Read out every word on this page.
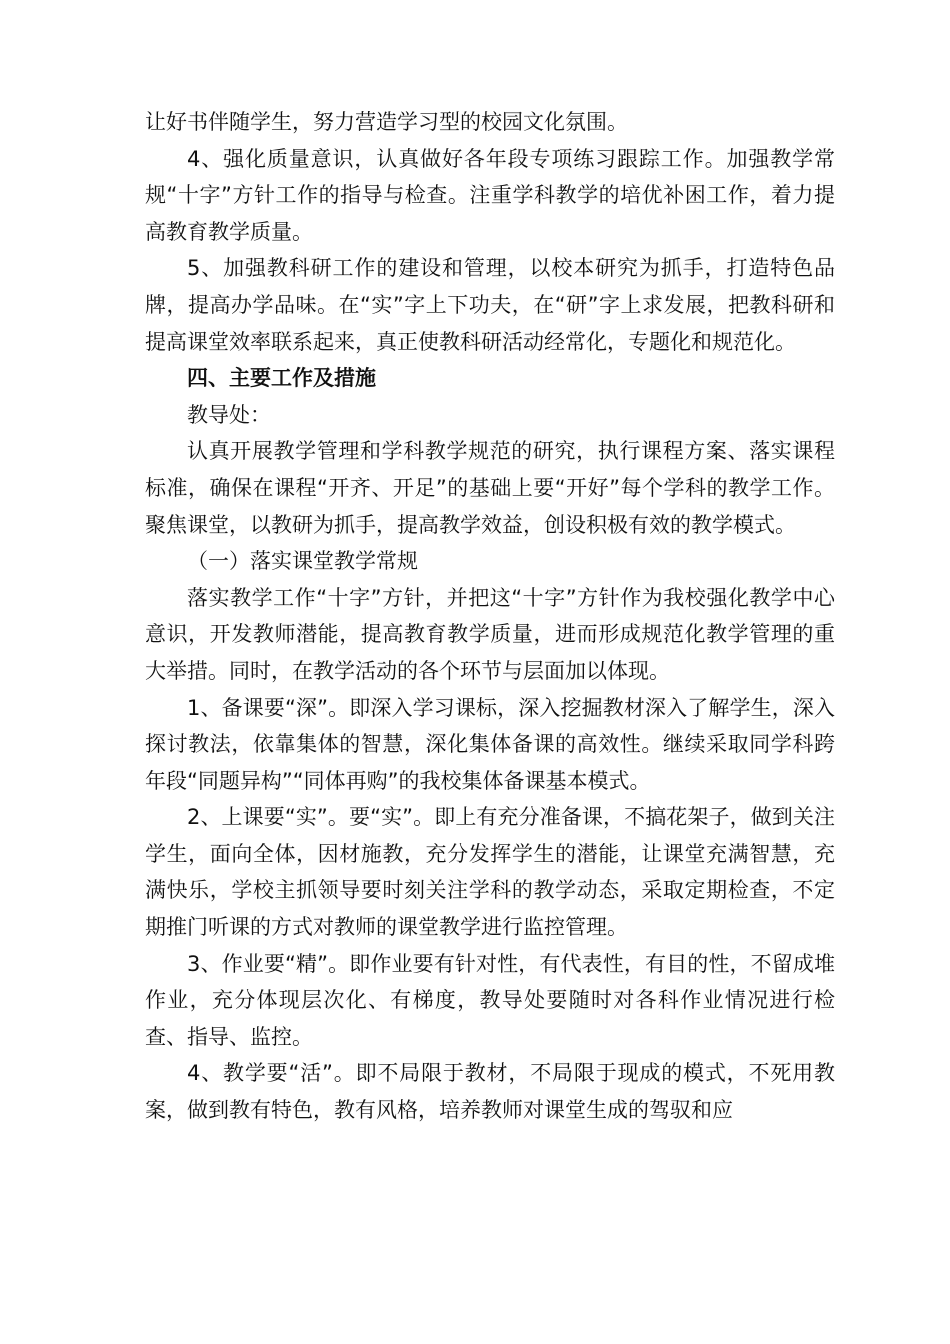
让好书伴随学生，努力营造学习型的校园文化氛围。

4、强化质量意识，认真做好各年段专项练习跟踪工作。加强教学常规“十字”方针工作的指导与检查。注重学科教学的培优补困工作，着力提高教育教学质量。

5、加强教科研工作的建设和管理，以校本研究为抓手，打造特色品牌，提高办学品味。在“实”字上下功夫，在“研”字上求发展，把教科研和提高课堂效率联系起来，真正使教科研活动经常化，专题化和规范化。

四、主要工作及措施

教导处：

认真开展教学管理和学科教学规范的研究，执行课程方案、落实课程标准，确保在课程“开齐、开足”的基础上要“开好”每个学科的教学工作。聚焦课堂，以教研为抓手，提高教学效益，创设积极有效的教学模式。

（一）落实课堂教学常规

落实教学工作“十字”方针，并把这“十字”方针作为我校强化教学中心意识，开发教师潜能，提高教育教学质量，进而形成规范化教学管理的重大举措。同时，在教学活动的各个环节与层面加以体现。

1、备课要“深”。即深入学习课标，深入挖掘教材深入了解学生，深入探讨教法，依靠集体的智慧，深化集体备课的高效性。继续采取同学科跨年段“同题异构”“同体再购”的我校集体备课基本模式。

2、上课要“实”。要“实”。即上有充分准备课，不搞花架子，做到关注学生，面向全体，因材施教，充分发挥学生的潜能，让课堂充满智慧，充满快乐，学校主抓领导要时刻关注学科的教学动态，采取定期检查，不定期推门听课的方式对教师的课堂教学进行监控管理。

3、作业要“精”。即作业要有针对性，有代表性，有目的性，不留成堆作业，充分体现层次化、有梯度，教导处要随时对各科作业情况进行检查、指导、监控。

4、教学要“活”。即不局限于教材，不局限于现成的模式，不死用教案，做到教有特色，教有风格，培养教师对课堂生成的驾驭和应
